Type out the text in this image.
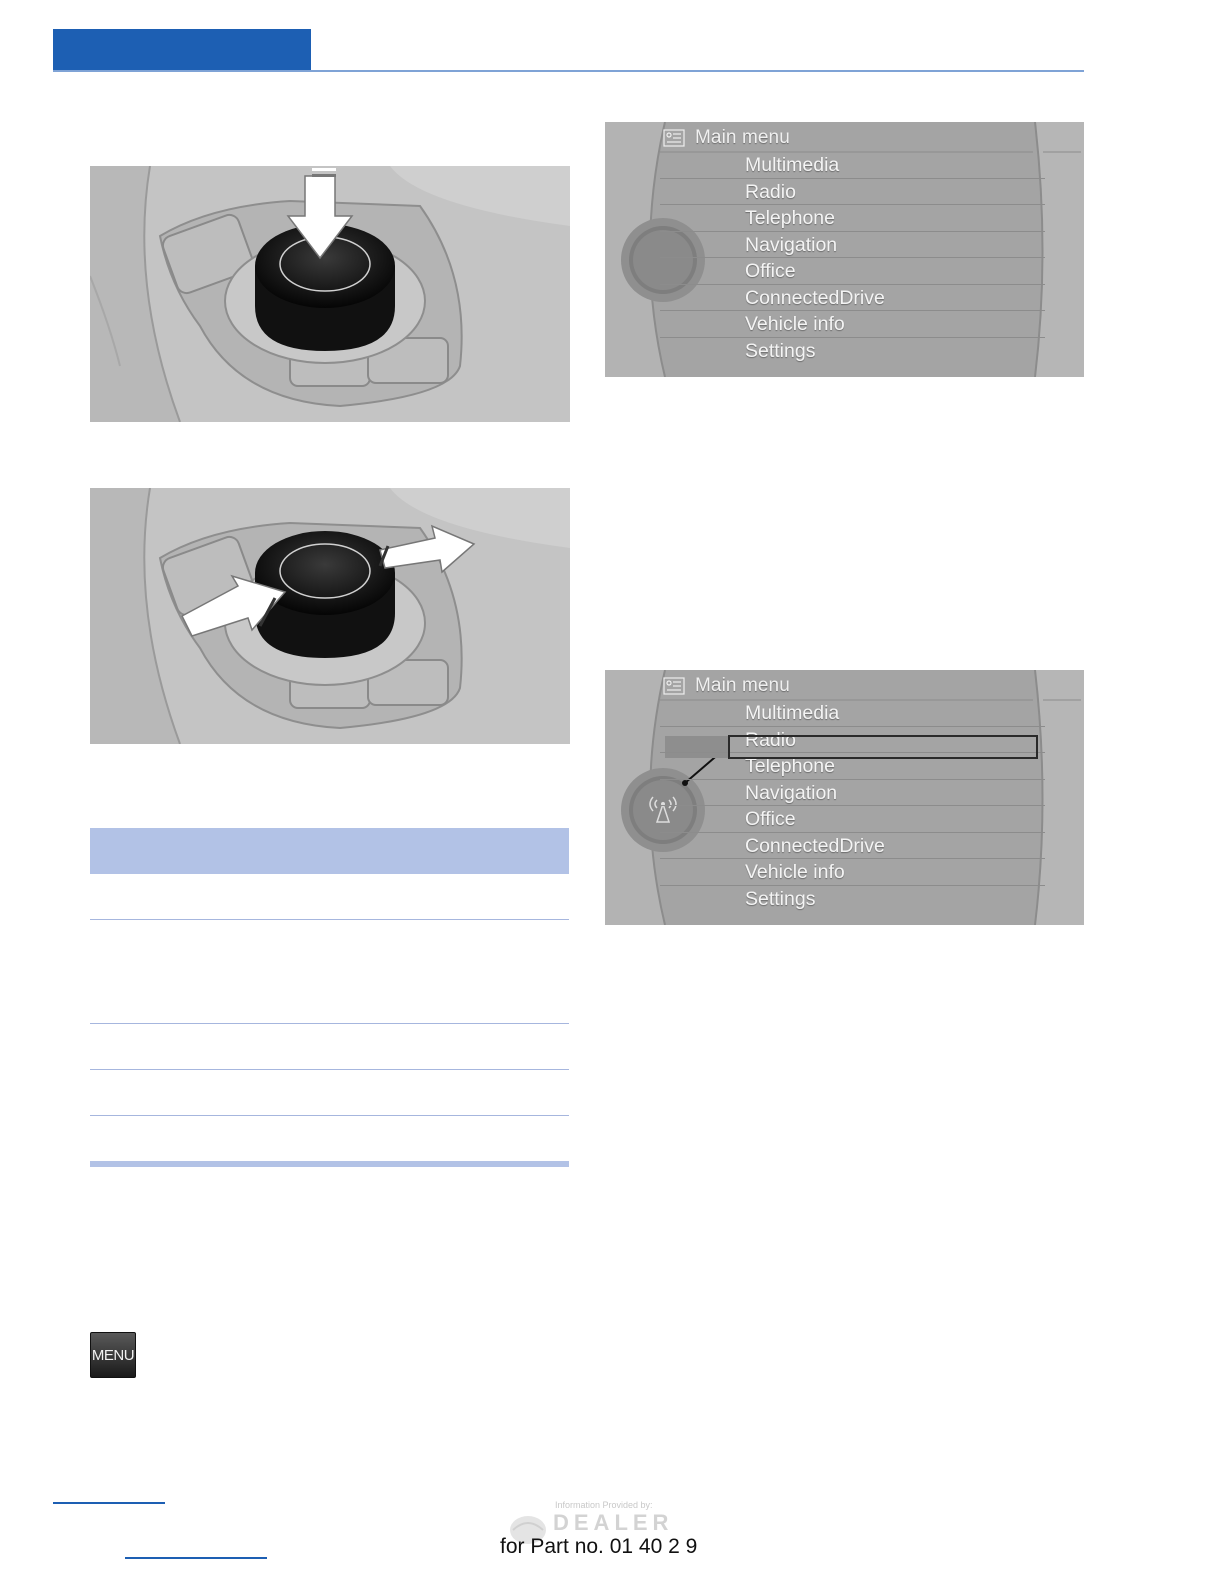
Main menu
Multimedia
Radio
Telephone
Navigation
Office
ConnectedDrive
Vehicle info
Settings
Main menu
Multimedia
Radio
Telephone
Navigation
Office
ConnectedDrive
Vehicle info
Settings
MENU
Information Provided by:
DEALER
for Part no. 01 40 2 9
